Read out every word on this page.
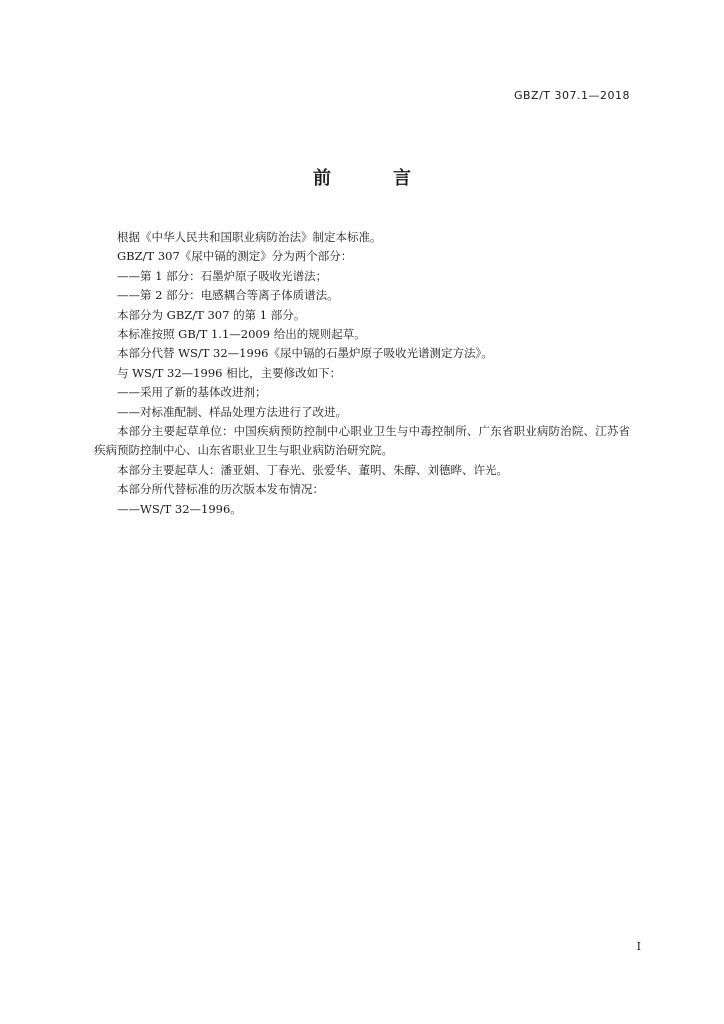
GBZ/T 307.1—2018
前　言

根据《中华人民共和国职业病防治法》制定本标准。

GBZ/T 307《尿中镉的测定》分为两个部分：

——第 1 部分：石墨炉原子吸收光谱法；

——第 2 部分：电感耦合等离子体质谱法。

本部分为 GBZ/T 307 的第 1 部分。

本标准按照 GB/T 1.1—2009 给出的规则起草。

本部分代替 WS/T 32—1996《尿中镉的石墨炉原子吸收光谱测定方法》。

与 WS/T 32—1996 相比，主要修改如下：

——采用了新的基体改进剂；

——对标准配制、样品处理方法进行了改进。

本部分主要起草单位：中国疾病预防控制中心职业卫生与中毒控制所、广东省职业病防治院、江苏省疾病预防控制中心、山东省职业卫生与职业病防治研究院。

本部分主要起草人：潘亚娟、丁春光、张爱华、董明、朱醇、刘德晔、许光。

本部分所代替标准的历次版本发布情况：

——WS/T 32—1996。

I
